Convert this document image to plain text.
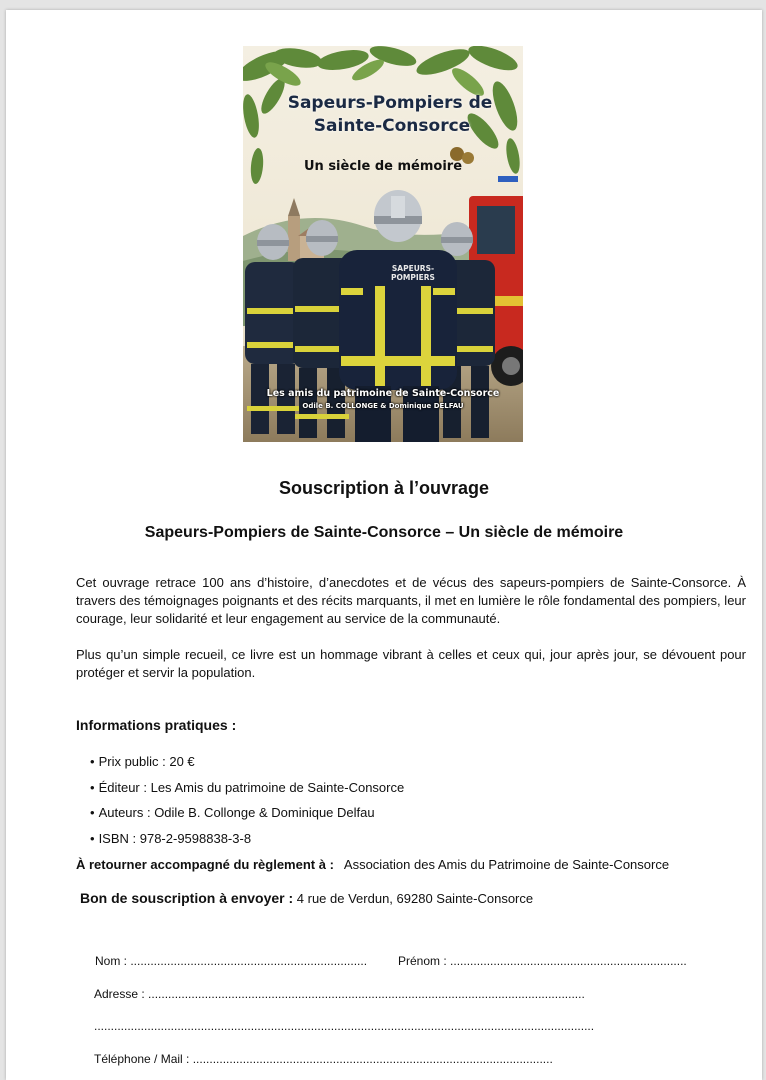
Sapeurs-Pompiers de
Sainte-Consorce
Un siècle de mémoire
SAPEURS-POMPIERS
Les amis du patrimoine de Sainte-Consorce
Odile B. COLLONGE & Dominique DELFAU
Souscription à l’ouvrage
Sapeurs-Pompiers de Sainte-Consorce – Un siècle de mémoire
Cet ouvrage retrace 100 ans d’histoire, d’anecdotes et de vécus des sapeurs-pompiers de Sainte-Consorce. À travers des témoignages poignants et des récits marquants, il met en lumière le rôle fondamental des pompiers, leur courage, leur solidarité et leur engagement au service de la communauté.
Plus qu’un simple recueil, ce livre est un hommage vibrant à celles et ceux qui, jour après jour, se dévouent pour protéger et servir la population.
Informations pratiques :
• Prix public : 20 €
• Éditeur : Les Amis du patrimoine de Sainte-Consorce
• Auteurs : Odile B. Collonge & Dominique Delfau
• ISBN : 978-2-9598838-3-8
À retourner accompagné du règlement à : Association des Amis du Patrimoine de Sainte-Consorce
Bon de souscription à envoyer : 4 rue de Verdun, 69280 Sainte-Consorce
Nom : .......................................................................	Prénom : .......................................................................
Adresse : ...................................................................................................................................
......................................................................................................................................................
Téléphone / Mail : ............................................................................................................
